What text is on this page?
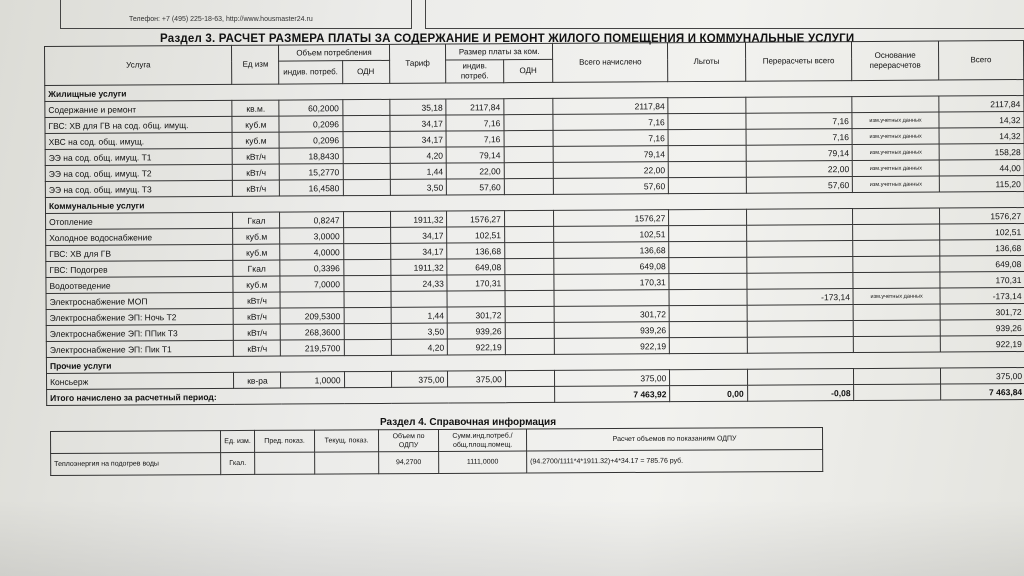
Телефон: +7 (495) 225-18-63, http://www.housmaster24.ru
Раздел 3. РАСЧЕТ РАЗМЕРА ПЛАТЫ ЗА СОДЕРЖАНИЕ И РЕМОНТ ЖИЛОГО ПОМЕЩЕНИЯ И КОММУНАЛЬНЫЕ УСЛУГИ
Услуга	Ед изм	Объем потребления		Тариф	Размер платы за ком.		Всего начислено	Льготы	Перерасчеты всего	Основание перерасчетов	Всего
		индив. потреб.	ОДН		индив. потреб.	ОДН					
Жилищные услуги											
Содержание и ремонт	кв.м.	60,2000		35,18	2117,84		2117,84				2117,84
ГВС: ХВ для ГВ на сод. общ. имущ.	куб.м	0,2096		34,17	7,16		7,16		7,16	изм.учетных данных	14,32
ХВС на сод. общ. имущ.	куб.м	0,2096		34,17	7,16		7,16		7,16	изм.учетных данных	14,32
ЭЭ на сод. общ. имущ. Т1	кВт/ч	18,8430		4,20	79,14		79,14		79,14	изм.учетных данных	158,28
ЭЭ на сод. общ. имущ. Т2	кВт/ч	15,2770		1,44	22,00		22,00		22,00	изм.учетных данных	44,00
ЭЭ на сод. общ. имущ. Т3	кВт/ч	16,4580		3,50	57,60		57,60		57,60	изм.учетных данных	115,20
Коммунальные услуги											
Отопление	Гкал	0,8247		1911,32	1576,27		1576,27				1576,27
Холодное водоснабжение	куб.м	3,0000		34,17	102,51		102,51				102,51
ГВС: ХВ для ГВ	куб.м	4,0000		34,17	136,68		136,68				136,68
ГВС: Подогрев	Гкал	0,3396		1911,32	649,08		649,08				649,08
Водоотведение	куб.м	7,0000		24,33	170,31		170,31				170,31
Электроснабжение МОП	кВт/ч								-173,14	изм.учетных данных	-173,14
Электроснабжение ЭП: Ночь Т2	кВт/ч	209,5300		1,44	301,72		301,72				301,72
Электроснабжение ЭП: ППик Т3	кВт/ч	268,3600		3,50	939,26		939,26				939,26
Электроснабжение ЭП: Пик Т1	кВт/ч	219,5700		4,20	922,19		922,19				922,19
Прочие услуги											
Консьерж	кв-ра	1,0000		375,00	375,00		375,00				375,00
Итого начислено за расчетный период:							7 463,92	0,00	-0,08		7 463,84
Раздел 4. Справочная информация
	Ед. изм.	Пред. показ.	Текущ. показ.	Объем по ОДПУ	Сумм.инд.потреб./ общ.площ.помещ.	Расчет объемов по показаниям ОДПУ
Теплоэнергия на подогрев воды	Гкал.			94,2700	1111,0000	(94.2700/1111*4*1911.32)+4*34.17 = 785.76 руб.
